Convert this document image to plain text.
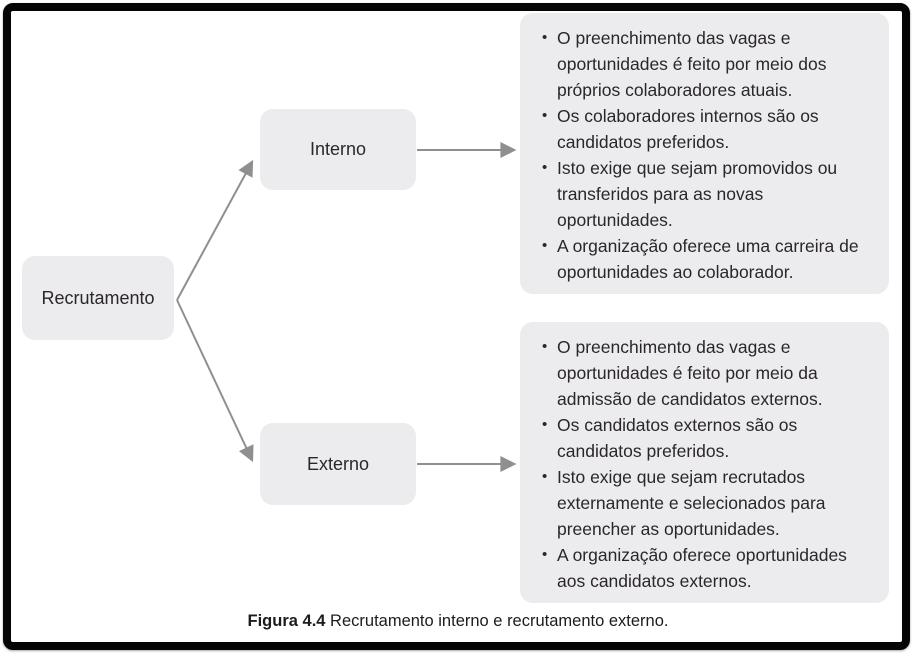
Recrutamento
Interno
Externo
• O preenchimento das vagas e oportunidades é feito por meio dos próprios colaboradores atuais.
• Os colaboradores internos são os candidatos preferidos.
• Isto exige que sejam promovidos ou transferidos para as novas oportunidades.
• A organização oferece uma carreira de oportunidades ao colaborador.
• O preenchimento das vagas e oportunidades é feito por meio da admissão de candidatos externos.
• Os candidatos externos são os candidatos preferidos.
• Isto exige que sejam recrutados externamente e selecionados para preencher as oportunidades.
• A organização oferece oportunidades aos candidatos externos.
Figura 4.4 Recrutamento interno e recrutamento externo.
